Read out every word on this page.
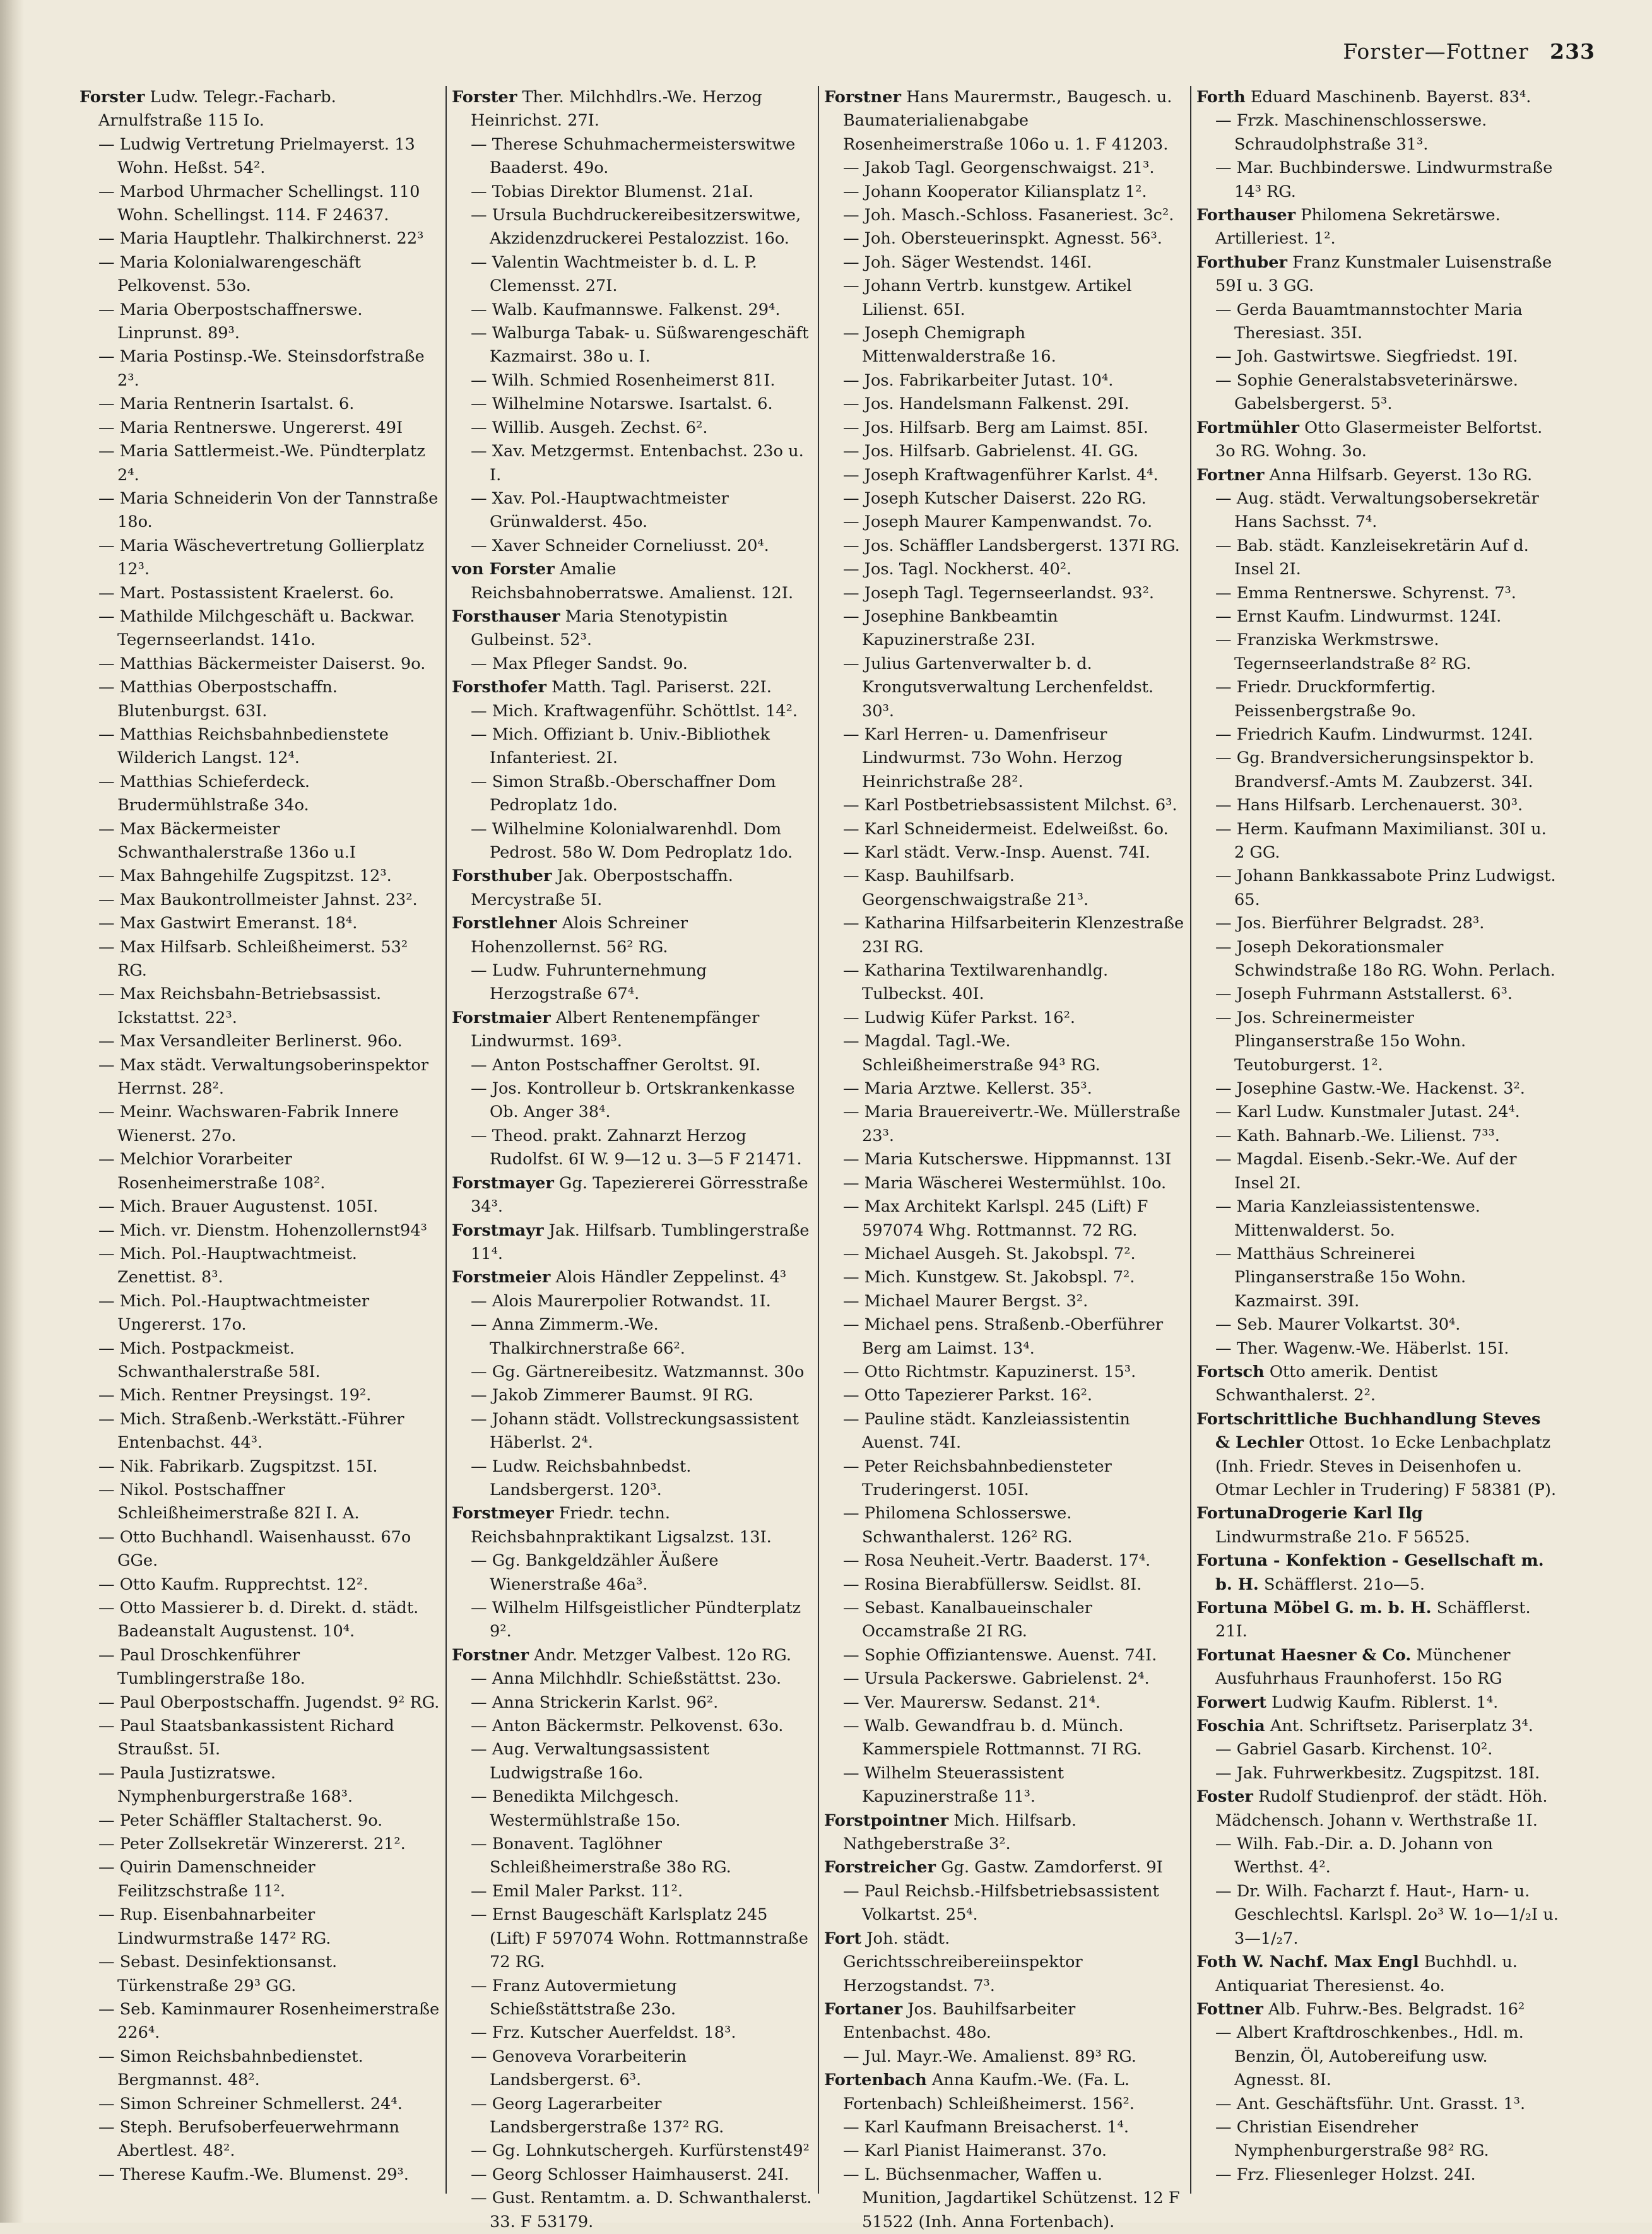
Forster—Fottner 233
Forster Ludw. Telegr.-Facharb. Arnulfstraße 115 Io.
— Ludwig Vertretung Prielmayerst. 13 Wohn. Heßst. 54².
— Marbod Uhrmacher Schellingst. 110 Wohn. Schellingst. 114. F 24637.
— Maria Hauptlehr. Thalkirchnerst. 22³
— Maria Kolonialwarengeschäft Pelkovenst. 53o.
— Maria Oberpostschaffnerswe. Linprunst. 89³.
— Maria Postinsp.-We. Steinsdorfstraße 2³.
— Maria Rentnerin Isartalst. 6.
— Maria Rentnerswe. Ungererst. 49I
— Maria Sattlermeist.-We. Pündterplatz 2⁴.
— Maria Schneiderin Von der Tannstraße 18o.
— Maria Wäschevertretung Gollierplatz 12³.
— Mart. Postassistent Kraelerst. 6o.
— Mathilde Milchgeschäft u. Backwar. Tegernseerlandst. 141o.
— Matthias Bäckermeister Daiserst. 9o.
— Matthias Oberpostschaffn. Blutenburgst. 63I.
— Matthias Reichsbahnbedienstete Wilderich Langst. 12⁴.
— Matthias Schieferdeck. Brudermühlstraße 34o.
— Max Bäckermeister Schwanthalerstraße 136o u.I
— Max Bahngehilfe Zugspitzst. 12³.
— Max Baukontrollmeister Jahnst. 23².
— Max Gastwirt Emeranst. 18⁴.
— Max Hilfsarb. Schleißheimerst. 53² RG.
— Max Reichsbahn-Betriebsassist. Ickstattst. 22³.
— Max Versandleiter Berlinerst. 96o.
— Max städt. Verwaltungsoberinspektor Herrnst. 28².
— Meinr. Wachswaren-Fabrik Innere Wienerst. 27o.
— Melchior Vorarbeiter Rosenheimerstraße 108².
— Mich. Brauer Augustenst. 105I.
— Mich. vr. Dienstm. Hohenzollernst94³
— Mich. Pol.-Hauptwachtmeist. Zenettist. 8³.
— Mich. Pol.-Hauptwachtmeister Ungererst. 17o.
— Mich. Postpackmeist. Schwanthalerstraße 58I.
— Mich. Rentner Preysingst. 19².
— Mich. Straßenb.-Werkstätt.-Führer Entenbachst. 44³.
— Nik. Fabrikarb. Zugspitzst. 15I.
— Nikol. Postschaffner Schleißheimerstraße 82I I. A.
— Otto Buchhandl. Waisenhausst. 67o GGe.
— Otto Kaufm. Rupprechtst. 12².
— Otto Massierer b. d. Direkt. d. städt. Badeanstalt Augustenst. 10⁴.
— Paul Droschkenführer Tumblingerstraße 18o.
— Paul Oberpostschaffn. Jugendst. 9² RG.
— Paul Staatsbankassistent Richard Straußst. 5I.
— Paula Justizratswe. Nymphenburgerstraße 168³.
— Peter Schäffler Staltacherst. 9o.
— Peter Zollsekretär Winzererst. 21².
— Quirin Damenschneider Feilitzschstraße 11².
— Rup. Eisenbahnarbeiter Lindwurmstraße 147² RG.
— Sebast. Desinfektionsanst. Türkenstraße 29³ GG.
— Seb. Kaminmaurer Rosenheimerstraße 226⁴.
— Simon Reichsbahnbedienstet. Bergmannst. 48².
— Simon Schreiner Schmellerst. 24⁴.
— Steph. Berufsoberfeuerwehrmann Abertlest. 48².
— Therese Kaufm.-We. Blumenst. 29³.
Forster Ther. Milchhdlrs.-We. Herzog Heinrichst. 27I.
— Therese Schuhmachermeisterswitwe Baaderst. 49o.
— Tobias Direktor Blumenst. 21aI.
— Ursula Buchdruckereibesitzerswitwe, Akzidenzdruckerei Pestalozzist. 16o.
— Valentin Wachtmeister b. d. L. P. Clemensst. 27I.
— Walb. Kaufmannswe. Falkenst. 29⁴.
— Walburga Tabak- u. Süßwarengeschäft Kazmairst. 38o u. I.
— Wilh. Schmied Rosenheimerst 81I.
— Wilhelmine Notarswe. Isartalst. 6.
— Willib. Ausgeh. Zechst. 6².
— Xav. Metzgermst. Entenbachst. 23o u. I.
— Xav. Pol.-Hauptwachtmeister Grünwalderst. 45o.
— Xaver Schneider Corneliusst. 20⁴.
von Forster Amalie Reichsbahnoberratswe. Amalienst. 12I.
Forsthauser Maria Stenotypistin Gulbeinst. 52³.
— Max Pfleger Sandst. 9o.
Forsthofer Matth. Tagl. Pariserst. 22I.
— Mich. Kraftwagenführ. Schöttlst. 14².
— Mich. Offiziant b. Univ.-Bibliothek Infanteriest. 2I.
— Simon Straßb.-Oberschaffner Dom Pedroplatz 1do.
— Wilhelmine Kolonialwarenhdl. Dom Pedrost. 58o W. Dom Pedroplatz 1do.
Forsthuber Jak. Oberpostschaffn. Mercystraße 5I.
Forstlehner Alois Schreiner Hohenzollernst. 56² RG.
— Ludw. Fuhrunternehmung Herzogstraße 67⁴.
Forstmaier Albert Rentenempfänger Lindwurmst. 169³.
— Anton Postschaffner Geroltst. 9I.
— Jos. Kontrolleur b. Ortskrankenkasse Ob. Anger 38⁴.
— Theod. prakt. Zahnarzt Herzog Rudolfst. 6I W. 9—12 u. 3—5 F 21471.
Forstmayer Gg. Tapeziererei Görresstraße 34³.
Forstmayr Jak. Hilfsarb. Tumblingerstraße 11⁴.
Forstmeier Alois Händler Zeppelinst. 4³
— Alois Maurerpolier Rotwandst. 1I.
— Anna Zimmerm.-We. Thalkirchnerstraße 66².
— Gg. Gärtnereibesitz. Watzmannst. 30o
— Jakob Zimmerer Baumst. 9I RG.
— Johann städt. Vollstreckungsassistent Häberlst. 2⁴.
— Ludw. Reichsbahnbedst. Landsbergerst. 120³.
Forstmeyer Friedr. techn. Reichsbahnpraktikant Ligsalzst. 13I.
— Gg. Bankgeldzähler Äußere Wienerstraße 46a³.
— Wilhelm Hilfsgeistlicher Pündterplatz 9².
Forstner Andr. Metzger Valbest. 12o RG.
— Anna Milchhdlr. Schießstättst. 23o.
— Anna Strickerin Karlst. 96².
— Anton Bäckermstr. Pelkovenst. 63o.
— Aug. Verwaltungsassistent Ludwigstraße 16o.
— Benedikta Milchgesch. Westermühlstraße 15o.
— Bonavent. Taglöhner Schleißheimerstraße 38o RG.
— Emil Maler Parkst. 11².
— Ernst Baugeschäft Karlsplatz 245 (Lift) F 597074 Wohn. Rottmannstraße 72 RG.
— Franz Autovermietung Schießstättstraße 23o.
— Frz. Kutscher Auerfeldst. 18³.
— Genoveva Vorarbeiterin Landsbergerst. 6³.
— Georg Lagerarbeiter Landsbergerstraße 137² RG.
— Gg. Lohnkutschergeh. Kurfürstenst49²
— Georg Schlosser Haimhauserst. 24I.
— Gust. Rentamtm. a. D. Schwanthalerst. 33. F 53179.
Forstner Hans Maurermstr., Baugesch. u. Baumaterialienabgabe Rosenheimerstraße 106o u. 1. F 41203.
— Jakob Tagl. Georgenschwaigst. 21³.
— Johann Kooperator Kiliansplatz 1².
— Joh. Masch.-Schloss. Fasaneriest. 3c².
— Joh. Obersteuerinspkt. Agnesst. 56³.
— Joh. Säger Westendst. 146I.
— Johann Vertrb. kunstgew. Artikel Lilienst. 65I.
— Joseph Chemigraph Mittenwalderstraße 16.
— Jos. Fabrikarbeiter Jutast. 10⁴.
— Jos. Handelsmann Falkenst. 29I.
— Jos. Hilfsarb. Berg am Laimst. 85I.
— Jos. Hilfsarb. Gabrielenst. 4I. GG.
— Joseph Kraftwagenführer Karlst. 4⁴.
— Joseph Kutscher Daiserst. 22o RG.
— Joseph Maurer Kampenwandst. 7o.
— Jos. Schäffler Landsbergerst. 137I RG.
— Jos. Tagl. Nockherst. 40².
— Joseph Tagl. Tegernseerlandst. 93².
— Josephine Bankbeamtin Kapuzinerstraße 23I.
— Julius Gartenverwalter b. d. Krongutsverwaltung Lerchenfeldst. 30³.
— Karl Herren- u. Damenfriseur Lindwurmst. 73o Wohn. Herzog Heinrichstraße 28².
— Karl Postbetriebsassistent Milchst. 6³.
— Karl Schneidermeist. Edelweißst. 6o.
— Karl städt. Verw.-Insp. Auenst. 74I.
— Kasp. Bauhilfsarb. Georgenschwaigstraße 21³.
— Katharina Hilfsarbeiterin Klenzestraße 23I RG.
— Katharina Textilwarenhandlg. Tulbeckst. 40I.
— Ludwig Küfer Parkst. 16².
— Magdal. Tagl.-We. Schleißheimerstraße 94³ RG.
— Maria Arztwe. Kellerst. 35³.
— Maria Brauereivertr.-We. Müllerstraße 23³.
— Maria Kutscherswe. Hippmannst. 13I
— Maria Wäscherei Westermühlst. 10o.
— Max Architekt Karlspl. 245 (Lift) F 597074 Whg. Rottmannst. 72 RG.
— Michael Ausgeh. St. Jakobspl. 7².
— Mich. Kunstgew. St. Jakobspl. 7².
— Michael Maurer Bergst. 3².
— Michael pens. Straßenb.-Oberführer Berg am Laimst. 13⁴.
— Otto Richtmstr. Kapuzinerst. 15³.
— Otto Tapezierer Parkst. 16².
— Pauline städt. Kanzleiassistentin Auenst. 74I.
— Peter Reichsbahnbediensteter Truderingerst. 105I.
— Philomena Schlosserswe. Schwanthalerst. 126² RG.
— Rosa Neuheit.-Vertr. Baaderst. 17⁴.
— Rosina Bierabfüllersw. Seidlst. 8I.
— Sebast. Kanalbaueinschaler Occamstraße 2I RG.
— Sophie Offiziantenswe. Auenst. 74I.
— Ursula Packerswe. Gabrielenst. 2⁴.
— Ver. Maurersw. Sedanst. 21⁴.
— Walb. Gewandfrau b. d. Münch. Kammerspiele Rottmannst. 7I RG.
— Wilhelm Steuerassistent Kapuzinerstraße 11³.
Forstpointner Mich. Hilfsarb. Nathgeberstraße 3².
Forstreicher Gg. Gastw. Zamdorferst. 9I
— Paul Reichsb.-Hilfsbetriebsassistent Volkartst. 25⁴.
Fort Joh. städt. Gerichtsschreibereiinspektor Herzogstandst. 7³.
Fortaner Jos. Bauhilfsarbeiter Entenbachst. 48o.
— Jul. Mayr.-We. Amalienst. 89³ RG.
Fortenbach Anna Kaufm.-We. (Fa. L. Fortenbach) Schleißheimerst. 156².
— Karl Kaufmann Breisacherst. 1⁴.
— Karl Pianist Haimeranst. 37o.
— L. Büchsenmacher, Waffen u. Munition, Jagdartikel Schützenst. 12 F 51522 (Inh. Anna Fortenbach).
Forth Eduard Maschinenb. Bayerst. 83⁴.
— Frzk. Maschinenschlosserswe. Schraudolphstraße 31³.
— Mar. Buchbinderswe. Lindwurmstraße 14³ RG.
Forthauser Philomena Sekretärswe. Artilleriest. 1².
Forthuber Franz Kunstmaler Luisenstraße 59I u. 3 GG.
— Gerda Bauamtmannstochter Maria Theresiast. 35I.
— Joh. Gastwirtswe. Siegfriedst. 19I.
— Sophie Generalstabsveterinärswe. Gabelsbergerst. 5³.
Fortmühler Otto Glasermeister Belfortst. 3o RG. Wohng. 3o.
Fortner Anna Hilfsarb. Geyerst. 13o RG.
— Aug. städt. Verwaltungsobersekretär Hans Sachsst. 7⁴.
— Bab. städt. Kanzleisekretärin Auf d. Insel 2I.
— Emma Rentnerswe. Schyrenst. 7³.
— Ernst Kaufm. Lindwurmst. 124I.
— Franziska Werkmstrswe. Tegernseerlandstraße 8² RG.
— Friedr. Druckformfertig. Peissenbergstraße 9o.
— Friedrich Kaufm. Lindwurmst. 124I.
— Gg. Brandversicherungsinspektor b. Brandversf.-Amts M. Zaubzerst. 34I.
— Hans Hilfsarb. Lerchenauerst. 30³.
— Herm. Kaufmann Maximilianst. 30I u. 2 GG.
— Johann Bankkassabote Prinz Ludwigst. 65.
— Jos. Bierführer Belgradst. 28³.
— Joseph Dekorationsmaler Schwindstraße 18o RG. Wohn. Perlach.
— Joseph Fuhrmann Aststallerst. 6³.
— Jos. Schreinermeister Plinganserstraße 15o Wohn. Teutoburgerst. 1².
— Josephine Gastw.-We. Hackenst. 3².
— Karl Ludw. Kunstmaler Jutast. 24⁴.
— Kath. Bahnarb.-We. Lilienst. 7³³.
— Magdal. Eisenb.-Sekr.-We. Auf der Insel 2I.
— Maria Kanzleiassistentenswe. Mittenwalderst. 5o.
— Matthäus Schreinerei Plinganserstraße 15o Wohn. Kazmairst. 39I.
— Seb. Maurer Volkartst. 30⁴.
— Ther. Wagenw.-We. Häberlst. 15I.
Fortsch Otto amerik. Dentist Schwanthalerst. 2².
Fortschrittliche Buchhandlung Steves & Lechler Ottost. 1o Ecke Lenbachplatz (Inh. Friedr. Steves in Deisenhofen u. Otmar Lechler in Trudering) F 58381 (P).
FortunaDrogerie Karl Ilg Lindwurmstraße 21o. F 56525.
Fortuna - Konfektion - Gesellschaft m. b. H. Schäfflerst. 21o—5.
Fortuna Möbel G. m. b. H. Schäfflerst. 21I.
Fortunat Haesner & Co. Münchener Ausfuhrhaus Fraunhoferst. 15o RG
Forwert Ludwig Kaufm. Riblerst. 1⁴.
Foschia Ant. Schriftsetz. Pariserplatz 3⁴.
— Gabriel Gasarb. Kirchenst. 10².
— Jak. Fuhrwerkbesitz. Zugspitzst. 18I.
Foster Rudolf Studienprof. der städt. Höh. Mädchensch. Johann v. Werthstraße 1I.
— Wilh. Fab.-Dir. a. D. Johann von Werthst. 4².
— Dr. Wilh. Facharzt f. Haut-, Harn- u. Geschlechtsl. Karlspl. 2o³ W. 1o—1/₂I u. 3—1/₂7.
Foth W. Nachf. Max Engl Buchhdl. u. Antiquariat Theresienst. 4o.
Fottner Alb. Fuhrw.-Bes. Belgradst. 16²
— Albert Kraftdroschkenbes., Hdl. m. Benzin, Öl, Autobereifung usw. Agnesst. 8I.
— Ant. Geschäftsführ. Unt. Grasst. 1³.
— Christian Eisendreher Nymphenburgerstraße 98² RG.
— Frz. Fliesenleger Holzst. 24I.
